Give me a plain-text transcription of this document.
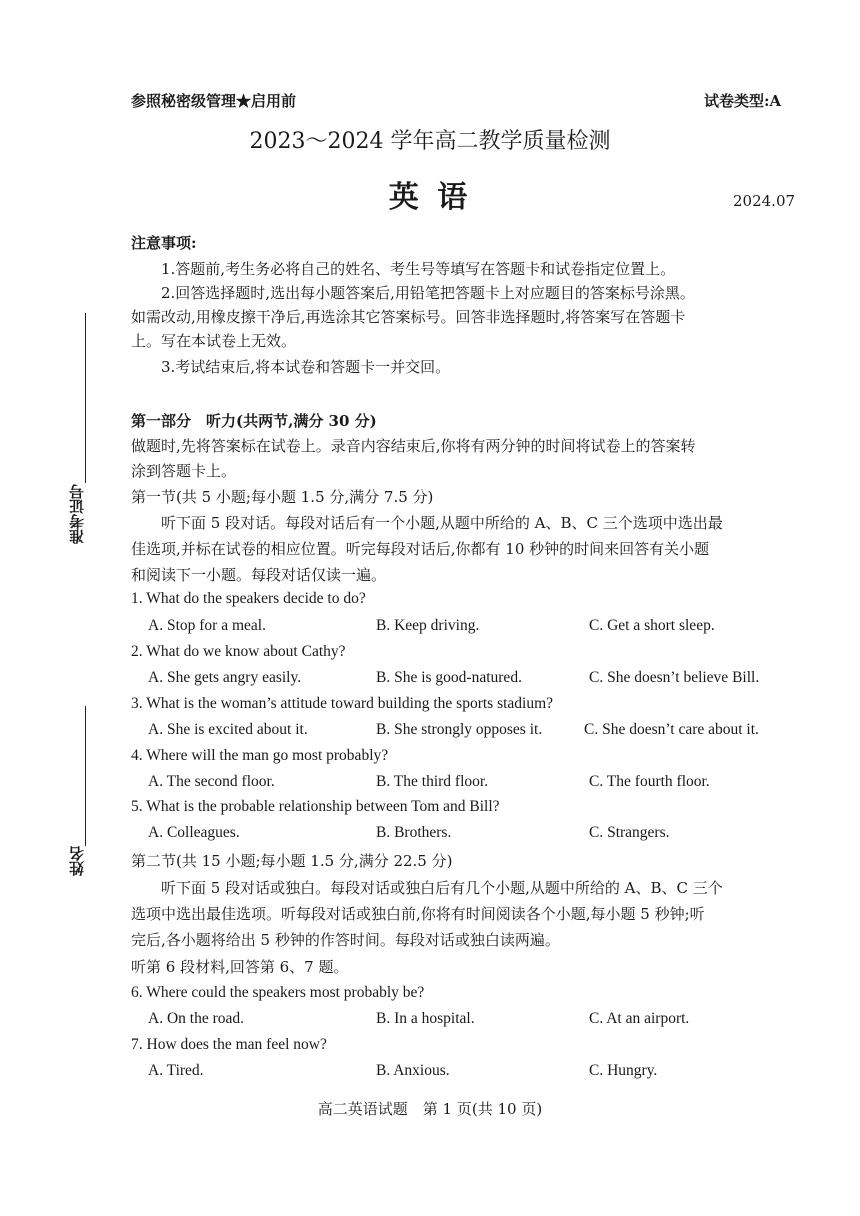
参照秘密级管理★启用前	试卷类型:A
2023～2024 学年高二教学质量检测
英 语	2024.07
准考证号
姓名
注意事项:
1.答题前,考生务必将自己的姓名、考生号等填写在答题卡和试卷指定位置上。
2.回答选择题时,选出每小题答案后,用铅笔把答题卡上对应题目的答案标号涂黑。
如需改动,用橡皮擦干净后,再选涂其它答案标号。回答非选择题时,将答案写在答题卡
上。写在本试卷上无效。
3.考试结束后,将本试卷和答题卡一并交回。
第一部分　听力(共两节,满分 30 分)
做题时,先将答案标在试卷上。录音内容结束后,你将有两分钟的时间将试卷上的答案转
涂到答题卡上。
第一节(共 5 小题;每小题 1.5 分,满分 7.5 分)
听下面 5 段对话。每段对话后有一个小题,从题中所给的 A、B、C 三个选项中选出最
佳选项,并标在试卷的相应位置。听完每段对话后,你都有 10 秒钟的时间来回答有关小题
和阅读下一小题。每段对话仅读一遍。
1. What do the speakers decide to do?
A. Stop for a meal.	B. Keep driving.	C. Get a short sleep.
2. What do we know about Cathy?
A. She gets angry easily.	B. She is good-natured.	C. She doesn’t believe Bill.
3. What is the woman’s attitude toward building the sports stadium?
A. She is excited about it.	B. She strongly opposes it.	C. She doesn’t care about it.
4. Where will the man go most probably?
A. The second floor.	B. The third floor.	C. The fourth floor.
5. What is the probable relationship between Tom and Bill?
A. Colleagues.	B. Brothers.	C. Strangers.
第二节(共 15 小题;每小题 1.5 分,满分 22.5 分)
听下面 5 段对话或独白。每段对话或独白后有几个小题,从题中所给的 A、B、C 三个
选项中选出最佳选项。听每段对话或独白前,你将有时间阅读各个小题,每小题 5 秒钟;听
完后,各小题将给出 5 秒钟的作答时间。每段对话或独白读两遍。
听第 6 段材料,回答第 6、7 题。
6. Where could the speakers most probably be?
A. On the road.	B. In a hospital.	C. At an airport.
7. How does the man feel now?
A. Tired.	B. Anxious.	C. Hungry.
高二英语试题　第 1 页(共 10 页)
